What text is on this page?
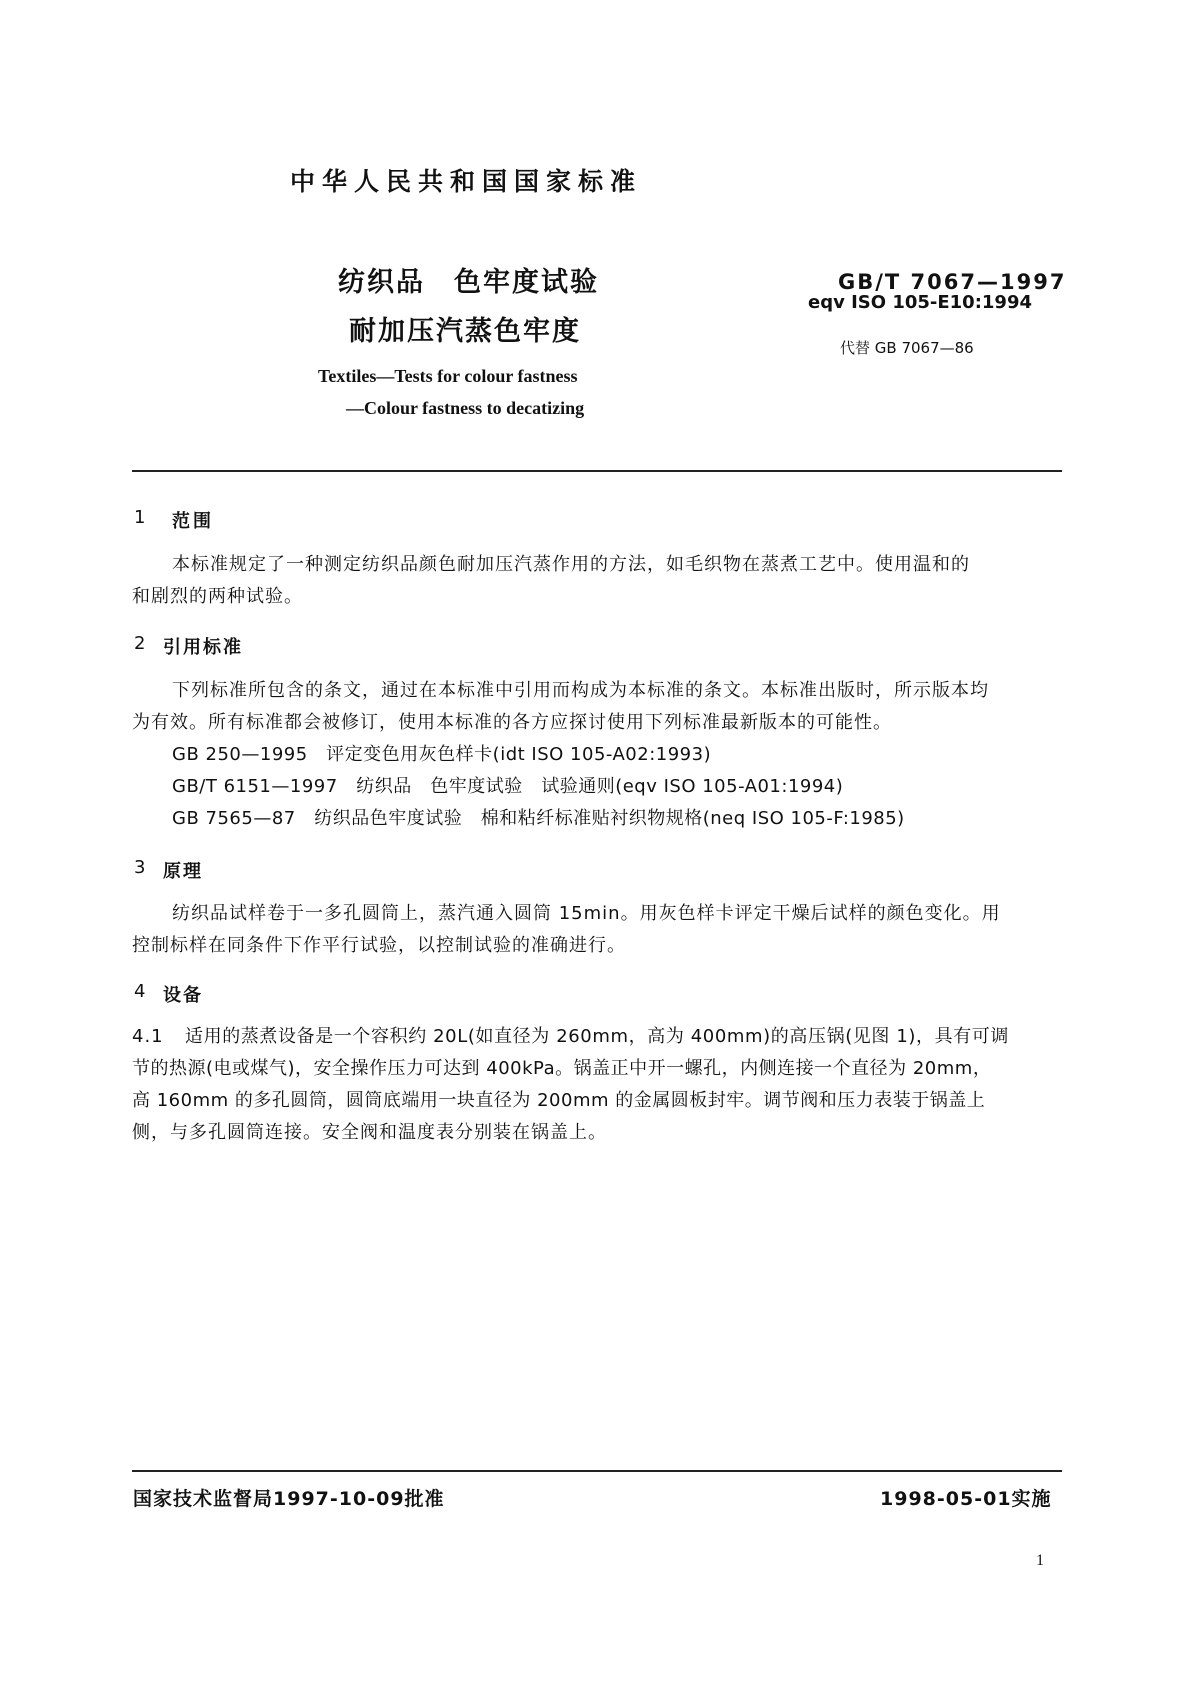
中华人民共和国国家标准
纺织品　色牢度试验
耐加压汽蒸色牢度
Textiles—Tests for colour fastness
—Colour fastness to decatizing
GB/T 7067—1997
eqv ISO 105-E10:1994
代替 GB 7067—86
1 范围
本标准规定了一种测定纺织品颜色耐加压汽蒸作用的方法，如毛织物在蒸煮工艺中。使用温和的
和剧烈的两种试验。
2 引用标准
下列标准所包含的条文，通过在本标准中引用而构成为本标准的条文。本标准出版时，所示版本均
为有效。所有标准都会被修订，使用本标准的各方应探讨使用下列标准最新版本的可能性。
GB 250—1995　评定变色用灰色样卡(idt ISO 105-A02:1993)
GB/T 6151—1997　纺织品　色牢度试验　试验通则(eqv ISO 105-A01:1994)
GB 7565—87　纺织品色牢度试验　棉和粘纤标准贴衬织物规格(neq ISO 105-F:1985)
3 原理
纺织品试样卷于一多孔圆筒上，蒸汽通入圆筒 15min。用灰色样卡评定干燥后试样的颜色变化。用
控制标样在同条件下作平行试验，以控制试验的准确进行。
4 设备
4.1 适用的蒸煮设备是一个容积约 20L(如直径为 260mm，高为 400mm)的高压锅(见图 1)，具有可调
节的热源(电或煤气)，安全操作压力可达到 400kPa。锅盖正中开一螺孔，内侧连接一个直径为 20mm，
高 160mm 的多孔圆筒，圆筒底端用一块直径为 200mm 的金属圆板封牢。调节阀和压力表装于锅盖上
侧，与多孔圆筒连接。安全阀和温度表分别装在锅盖上。
国家技术监督局1997-10-09批准	1998-05-01实施
1
